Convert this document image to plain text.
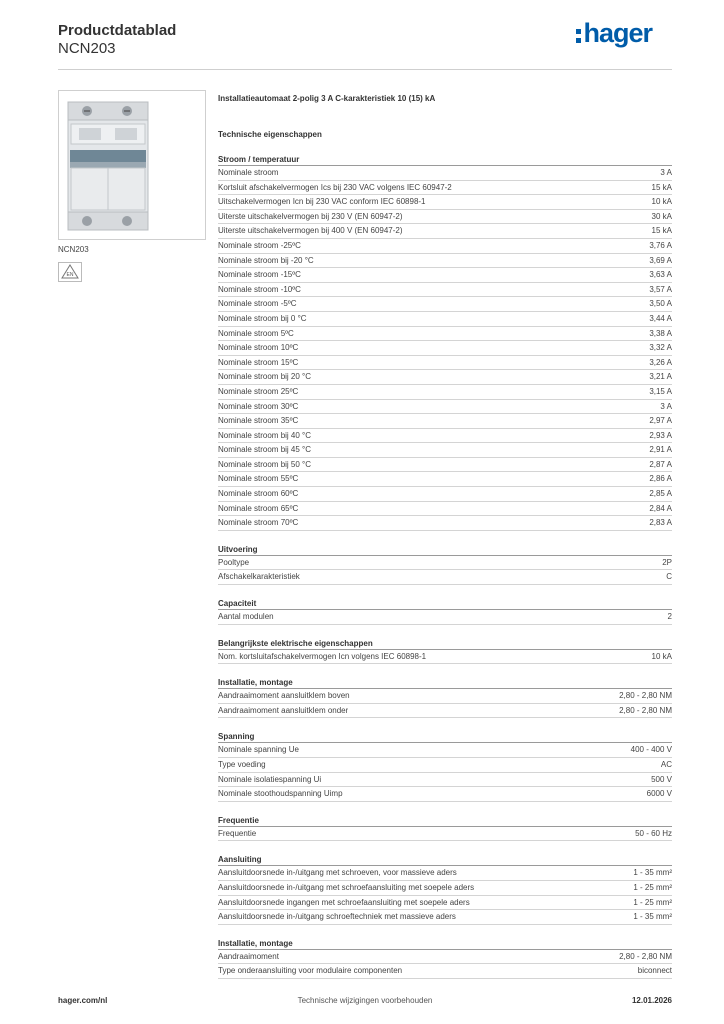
Productdatablad
NCN203
hager
NCN203
EN
Installatieautomaat 2-polig 3 A C-karakteristiek 10 (15) kA
Technische eigenschappen
Stroom / temperatuur
Nominale stroom	3 A
Kortsluit afschakelvermogen Ics bij 230 VAC volgens IEC 60947-2	15 kA
Uitschakelvermogen Icn bij 230 VAC conform IEC 60898-1	10 kA
Uiterste uitschakelvermogen bij 230 V (EN 60947-2)	30 kA
Uiterste uitschakelvermogen bij 400 V (EN 60947-2)	15 kA
Nominale stroom -25ºC	3,76 A
Nominale stroom bij -20 °C	3,69 A
Nominale stroom -15ºC	3,63 A
Nominale stroom -10ºC	3,57 A
Nominale stroom -5ºC	3,50 A
Nominale stroom bij 0 °C	3,44 A
Nominale stroom 5ºC	3,38 A
Nominale stroom 10ºC	3,32 A
Nominale stroom 15ºC	3,26 A
Nominale stroom bij 20 °C	3,21 A
Nominale stroom 25ºC	3,15 A
Nominale stroom 30ºC	3 A
Nominale stroom 35ºC	2,97 A
Nominale stroom bij 40 °C	2,93 A
Nominale stroom bij 45 °C	2,91 A
Nominale stroom bij 50 °C	2,87 A
Nominale stroom 55ºC	2,86 A
Nominale stroom 60ºC	2,85 A
Nominale stroom 65ºC	2,84 A
Nominale stroom 70ºC	2,83 A
Uitvoering
Pooltype	2P
Afschakelkarakteristiek	C
Capaciteit
Aantal modulen	2
Belangrijkste elektrische eigenschappen
Nom. kortsluitafschakelvermogen Icn volgens IEC 60898-1	10 kA
Installatie, montage
Aandraaimoment aansluitklem boven	2,80 - 2,80 NM
Aandraaimoment aansluitklem onder	2,80 - 2,80 NM
Spanning
Nominale spanning Ue	400 - 400 V
Type voeding	AC
Nominale isolatiespanning Ui	500 V
Nominale stoothoudspanning Uimp	6000 V
Frequentie
Frequentie	50 - 60 Hz
Aansluiting
Aansluitdoorsnede in-/uitgang met schroeven, voor massieve aders	1 - 35 mm²
Aansluitdoorsnede in-/uitgang met schroefaansluiting met soepele aders	1 - 25 mm²
Aansluitdoorsnede ingangen met schroefaansluiting met soepele aders	1 - 25 mm²
Aansluitdoorsnede in-/uitgang schroeftechniek met massieve aders	1 - 35 mm²
Installatie, montage
Aandraaimoment	2,80 - 2,80 NM
Type onderaansluiting voor modulaire componenten	biconnect
hager.com/nl	Technische wijzigingen voorbehouden	12.01.2026
